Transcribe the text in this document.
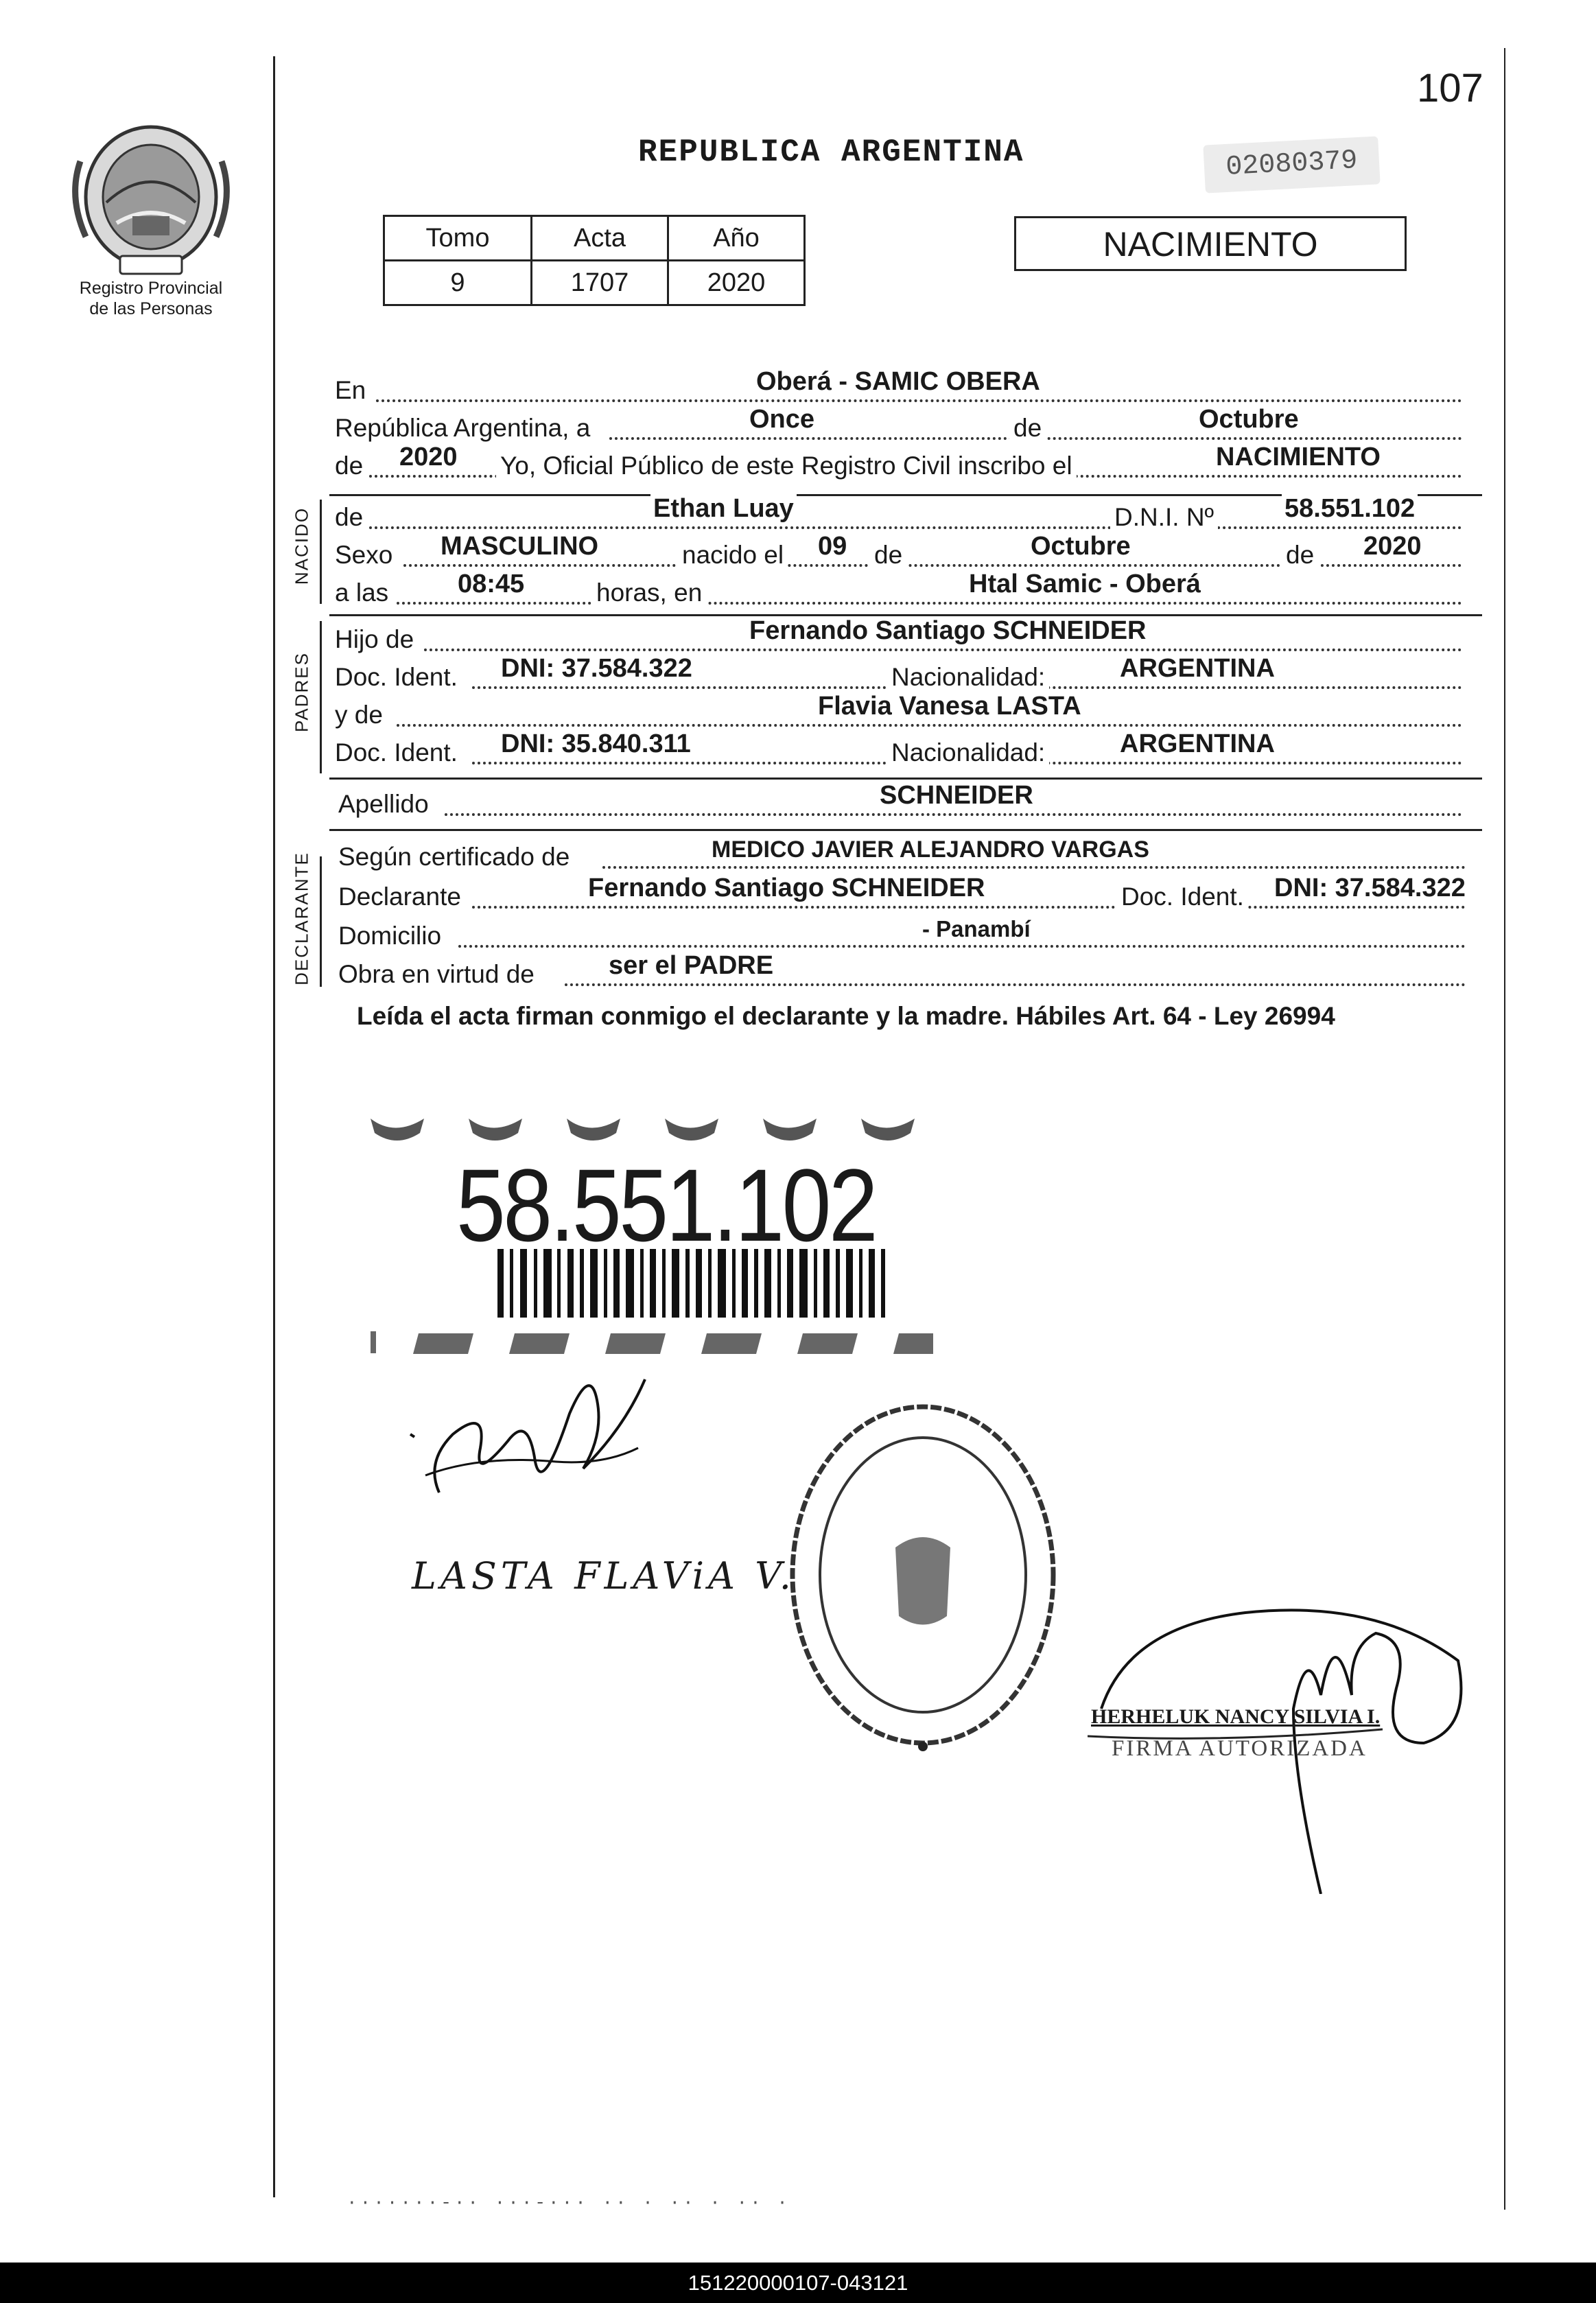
107
Registro Provincial
de las Personas
REPUBLICA ARGENTINA	02080379
Tomo	Acta	Año
9	1707	2020
NACIMIENTO
En	Oberá - SAMIC OBERA
República Argentina, a	Once	de	Octubre
de 2020 Yo, Oficial Público de este Registro Civil inscribo el	NACIMIENTO
NACIDO de	Ethan Luay	D.N.I. Nº	58.551.102
Sexo MASCULINO	nacido el 09 de	Octubre	de 2020
a las	08:45	horas, en	Htal Samic - Oberá
PADRES
Hijo de	Fernando Santiago SCHNEIDER
Doc. Ident. DNI: 37.584.322	Nacionalidad:	ARGENTINA
y de	Flavia Vanesa LASTA
Doc. Ident. DNI: 35.840.311	Nacionalidad:	ARGENTINA
Apellido	SCHNEIDER
DECLARANTE Según certificado de	MEDICO JAVIER ALEJANDRO VARGAS
Declarante	Fernando Santiago SCHNEIDER	Doc. Ident. DNI: 37.584.322
Domicilio	- Panambí
Obra en virtud de	ser el PADRE
Leída el acta firman conmigo el declarante y la madre. Hábiles Art. 64 - Ley 26994
58.551.102
LASTA FLAViA V.
HERHELUK NANCY SILVIA I.
FIRMA AUTORIZADA
·······-·· ···-··· ·· · ·· · ·· ·
151220000107-043121
